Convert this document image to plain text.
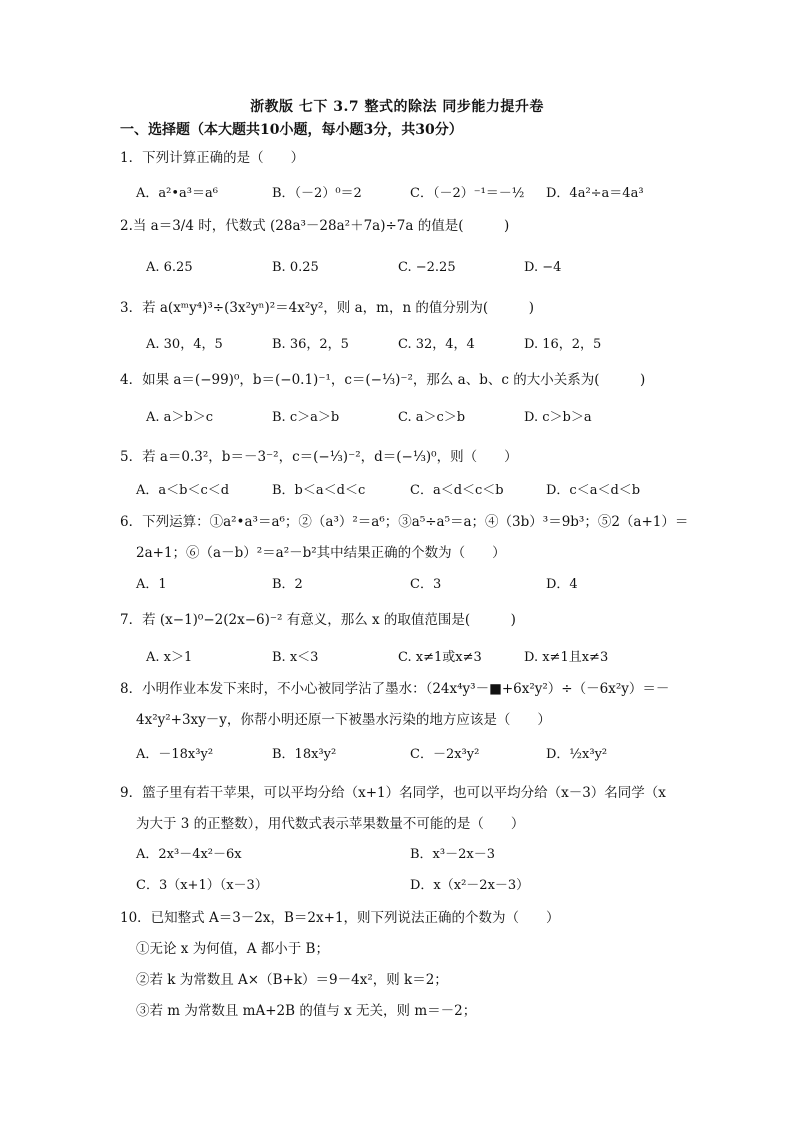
浙教版 七下 3.7 整式的除法 同步能力提升卷
一、选择题（本大题共10小题，每小题3分，共30分）
1．下列计算正确的是（　　）
A．a²•a³＝a⁶	B．（－2）⁰＝2	C．（－2）⁻¹＝－½ D．4a²÷a＝4a³
2.当 a＝3/4 时，代数式 (28a³－28a²＋7a)÷7a 的值是(　　　)
A. 6.25	B. 0.25	C. −2.25	D. −4
3．若 a(xᵐy⁴)³÷(3x²yⁿ)²＝4x²y²，则 a，m，n 的值分别为(　　　)
A. 30，4，5	B. 36，2，5	C. 32，4，4	D. 16，2，5
4．如果 a＝(−99)⁰，b＝(−0.1)⁻¹，c＝(−⅓)⁻²，那么 a、b、c 的大小关系为(　　　)
A. a＞b＞c	B. c＞a＞b	C. a＞c＞b	D. c＞b＞a
5．若 a＝0.3²，b＝－3⁻²，c＝(−⅓)⁻²，d＝(−⅓)⁰，则（　　）
A．a＜b＜c＜d	B．b＜a＜d＜c	C．a＜d＜c＜b	D．c＜a＜d＜b
6．下列运算：①a²•a³＝a⁶；②（a³）²＝a⁶；③a⁵÷a⁵＝a；④（3b）³＝9b³；⑤2（a+1）＝
2a+1；⑥（a－b）²＝a²－b²其中结果正确的个数为（　　）
A．1	B．2	C．3	D．4
7．若 (x−1)⁰−2(2x−6)⁻² 有意义，那么 x 的取值范围是(　　　)
A. x＞1	B. x＜3	C. x≠1或x≠3	D. x≠1且x≠3
8．小明作业本发下来时，不小心被同学沾了墨水：（24x⁴y³－■+6x²y²）÷（－6x²y）＝－
4x²y²+3xy－y，你帮小明还原一下被墨水污染的地方应该是（　　）
A．－18x³y²	B．18x³y²	C．－2x³y²	D．½x³y²
9．篮子里有若干苹果，可以平均分给（x+1）名同学，也可以平均分给（x－3）名同学（x
为大于 3 的正整数），用代数式表示苹果数量不可能的是（　　）
A．2x³－4x²－6x	B．x³－2x－3
C．3（x+1）（x－3）	D．x（x²－2x－3）
10．已知整式 A＝3－2x，B＝2x+1，则下列说法正确的个数为（　　）
①无论 x 为何值，A 都小于 B；
②若 k 为常数且 A×（B+k）＝9－4x²，则 k＝2；
③若 m 为常数且 mA+2B 的值与 x 无关，则 m＝－2；
